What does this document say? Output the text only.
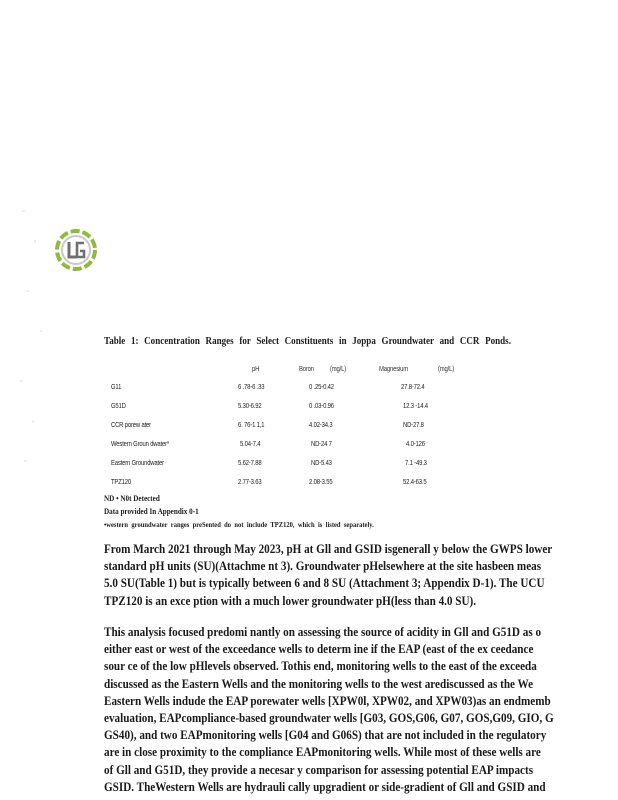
Table 1: Concentration Ranges for Select Constituents in Joppa Groundwater and CCR Ponds.
pH	Boron (mg/L)	Magnesium	(mg/L)
G11	6 .78-6 .33	0 .25-0.42	27.8-72.4
G51D	5.30-6.92	0 .03-0.96	12.3 -14.4
CCR porew ater	6. 76-1 1,1	4.02-34.3	ND-27.8
Western Groun dwater*	5.04-7.4	ND-24 7	4.0-126
Eastern Groundwater	5.62-7.88	ND-5.43	7.1 -49.3
TPZ120	2.77-3.63	2.08-3.55	52.4-63.5
ND • N0t Detected
Data provided In Appendix 0-1
•western groundwater ranges preSented do not include TPZ120, which is listed separately.

From March 2021 through May 2023, pH at Gll and GSID isgenerall y below the GWPS lower
standard pH units (SU)(Attachme nt 3). Groundwater pHelsewhere at the site hasbeen meas
5.0 SU(Table 1) but is typically between 6 and 8 SU (Attachment 3; Appendix D-1). The UCU
TPZ120 is an exce ption with a much lower groundwater pH(less than 4.0 SU).

This analysis focused predomi nantly on assessing the source of acidity in Gll and G51D as o
either east or west of the exceedance wells to determ ine if the EAP (east of the ex ceedance
sour ce of the low pHlevels observed. Tothis end, monitoring wells to the east of the exceeda
discussed as the Eastern Wells and the monitoring wells to the west arediscussed as the We
Eastern Wells indude the EAP porewater wells [XPW0l, XPW02, and XPW03)as an endmemb
evaluation, EAPcompliance-based groundwater wells [G03, GOS,G06, G07, GOS,G09, GIO, G
GS40), and two EAPmonitoring wells [G04 and G06S) that are not included in the regulatory
are in close proximity to the compliance EAPmonitoring wells. While most of these wells are
of Gll and G51D, they provide a necesar y comparison for assessing potential EAP impacts
GSID. TheWestern Wells are hydrauli cally upgradient or side-gradient of Gll and GSID and
